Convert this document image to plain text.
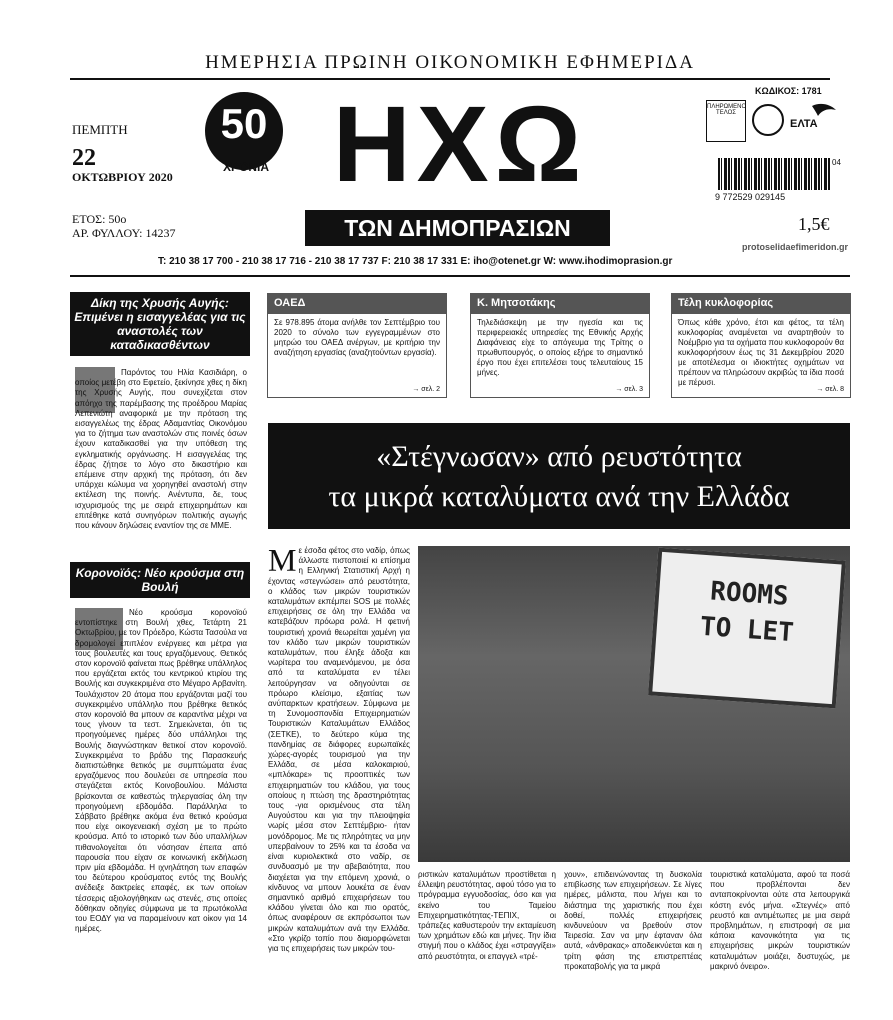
ΗΜΕΡΗΣΙΑ ΠΡΩΙΝΗ ΟΙΚΟΝΟΜΙΚΗ ΕΦΗΜΕΡΙΔΑ
ΠΕΜΠΤΗ
22
ΟΚΤΩΒΡΙΟΥ 2020
ΕΤΟΣ: 50ο
ΑΡ. ΦΥΛΛΟΥ: 14237
50
ΧΡΟΝΙΑ ΗΧΩ
ΤΩΝ ΔΗΜΟΠΡΑΣΙΩΝ
ΚΩΔΙΚΟΣ: 1781
ΠΛΗΡΩΜΕΝΟ ΤΕΛΟΣ
ΕΛΤΑ
04
9 772529 029145
1,5€
protoselidaefimeridon.gr
T: 210 38 17 700 - 210 38 17 716 - 210 38 17 737 F: 210 38 17 331 E: iho@otenet.gr W: www.ihodimoprasion.gr
Δίκη της Χρυσής Αυγής: Επιμένει η εισαγγελέας για τις αναστολές των καταδικασθέντων
Παρόντος του Ηλία Κασιδιάρη, ο οποίος μετέβη στο Εφετείο, ξεκίνησε χθες η δίκη της Χρυσής Αυγής, που συνεχίζεται στον απόηχο της παρέμβασης της προέδρου Μαρίας Λεπενιώτη αναφορικά με την πρόταση της εισαγγελέως της έδρας Αδαμαντίας Οικονόμου για το ζήτημα των αναστολών στις ποινές όσων έχουν καταδικασθεί για την υπόθεση της εγκληματικής οργάνωσης. Η εισαγγελέας της έδρας ζήτησε το λόγο στο δικαστήριο και επέμεινε στην αρχική της πρόταση, ότι δεν υπάρχει κώλυμα να χορηγηθεί αναστολή στην εκτέλεση της ποινής. Ανέντυπα, δε, τους ισχυρισμούς της με σειρά επιχειρημάτων και επιτέθηκε κατά συνηγόρων πολιτικής αγωγής που κάνουν δηλώσεις εναντίον της σε ΜΜΕ.
Κορονοϊός: Νέο κρούσμα στη Βουλή
Νέο κρούσμα κορονοϊού εντοπίστηκε στη Βουλή χθες, Τετάρτη 21 Οκτωβρίου, με τον Πρόεδρο, Κώστα Τασούλα να δρομολογεί επιπλέον ενέργειες και μέτρα για τους βουλευτές και τους εργαζόμενους. Θετικός στον κορονοϊό φαίνεται πως βρέθηκε υπάλληλος που εργάζεται εκτός του κεντρικού κτιρίου της Βουλής και συγκεκριμένα στο Μέγαρο Αρβανίτη. Τουλάχιστον 20 άτομα που εργάζονται μαζί του συγκεκριμένο υπάλληλο που βρέθηκε θετικός στον κορονοϊό θα μπουν σε καραντίνα μέχρι να τους γίνουν τα τεστ. Σημειώνεται, ότι τις προηγούμενες ημέρες δύο υπάλληλοι της Βουλής διαγνώστηκαν θετικοί στον κορονοϊό. Συγκεκριμένα το βράδυ της Παρασκευής διαπιστώθηκε θετικός με συμπτώματα ένας εργαζόμενος που δουλεύει σε υπηρεσία που στεγάζεται εκτός Κοινοβουλίου. Μάλιστα βρίσκονται σε καθεστώς τηλεργασίας όλη την προηγούμενη εβδομάδα. Παράλληλα το Σάββατο βρέθηκε ακόμα ένα θετικό κρούσμα που είχε οικογενειακή σχέση με το πρώτο κρούσμα. Από το ιστορικό των δύο υπαλλήλων πιθανολογείται ότι νόσησαν έπειτα από παρουσία που είχαν σε κοινωνική εκδήλωση πριν μία εβδομάδα. Η ιχνηλάτηση των επαφών του δεύτερου κρούσματος εντός της Βουλής ανέδειξε δακτρείες επαφές, εκ των οποίων τέσσερις αξιολογήθηκαν ως στενές, στις οποίες δόθηκαν οδηγίες σύμφωνα με τα πρωτόκολλα του ΕΟΔΥ για να παραμείνουν κατ οίκον για 14 ημέρες.
ΟΑΕΔ
Σε 978.895 άτομα ανήλθε τον Σεπτέμβριο του 2020 το σύνολο των εγγεγραμμένων στο μητρώο του ΟΑΕΔ ανέργων, με κριτήριο την αναζήτηση εργασίας (αναζητούντων εργασία).
→ σελ. 2
Κ. Μητσοτάκης
Τηλεδιάσκεψη με την ηγεσία και τις περιφερειακές υπηρεσίες της Εθνικής Αρχής Διαφάνειας είχε το απόγευμα της Τρίτης ο πρωθυπουργός, ο οποίος εξήρε το σημαντικό έργο που έχει επιτελέσει τους τελευταίους 15 μήνες.
→ σελ. 3
Τέλη κυκλοφορίας
Όπως κάθε χρόνο, έτσι και φέτος, τα τέλη κυκλοφορίας αναμένεται να αναρτηθούν το Νοέμβριο για τα οχήματα που κυκλοφορούν θα κυκλοφορήσουν έως τις 31 Δεκεμβρίου 2020 με αποτέλεσμα οι ιδιοκτήτες οχημάτων να πρέπουν να πληρώσουν ακριβώς τα ίδια ποσά με πέρυσι.
→ σελ. 8
«Στέγνωσαν» από ρευστότητα
τα μικρά καταλύματα ανά την Ελλάδα
ROOMS
TO LET
Με έσοδα φέτος στο ναδίρ, όπως άλλωστε πιστοποιεί κι επίσημα η Ελληνική Στατιστική Αρχή η έχοντας «στεγνώσει» από ρευστότητα, ο κλάδος των μικρών τουριστικών καταλυμάτων εκπέμπει SOS με πολλές επιχειρήσεις σε όλη την Ελλάδα να κατεβάζουν πρόωρα ρολά. Η φετινή τουριστική χρονιά θεωρείται χαμένη για τον κλάδο των μικρών τουριστικών καταλυμάτων, που έληξε άδοξα και νωρίτερα του αναμενόμενου, με όσα από τα καταλύματα εν τέλει λειτούργησαν να οδηγούνται σε πρόωρο κλείσιμο, εξαιτίας των ανύπαρκτων κρατήσεων. Σύμφωνα με τη Συνομοσπονδία Επιχειρηματιών Τουριστικών Καταλυμάτων Ελλάδος (ΣΕΤΚΕ), το δεύτερο κύμα της πανδημίας σε διάφορες ευρωπαϊκές χώρες-αγορές τουρισμού για την Ελλάδα, σε μέσα καλοκαιριού, «μπλόκαρε» τις προοπτικές των επιχειρηματιών του κλάδου, για τους οποίους η πτώση της δραστηριότητας τους -για ορισμένους στα τέλη Αυγούστου και για την πλειοψηφία νωρίς μέσα στον Σεπτέμβριο- ήταν μονόδρομος. Με τις πληρότητες να μην υπερβαίνουν το 25% και τα έσοδα να είναι κυριολεκτικά στο ναδίρ, σε συνδυασμό με την αβεβαιότητα, που διαχέεται για την επόμενη χρονιά, ο κίνδυνος να μπουν λουκέτα σε έναν σημαντικό αριθμό επιχειρήσεων του κλάδου γίνεται όλο και πιο ορατός, όπως αναφέρουν σε εκπρόσωποι των μικρών καταλυμάτων ανά την Ελλάδα. «Στο γκρίζο τοπίο που διαμορφώνεται για τις επιχειρήσεις των μικρών του-
ριστικών καταλυμάτων προστίθεται η έλλειψη ρευστότητας, αφού τόσο για το πρόγραμμα εγγυοδοσίας, όσο και για εκείνο του Ταμείου Επιχειρηματικότητας-ΤΕΠΙΧ, οι τράπεζες καθυστερούν την εκταμίευση των χρημάτων εδώ και μήνες. Την ίδια στιγμή που ο κλάδος έχει «στραγγίξει» από ρευστότητα, οι επαγγελ «τρέ-
χουν», επιδεινώνοντας τη δυσκολία επιβίωσης των επιχειρήσεων. Σε λίγες ημέρες, μάλιστα, που λήγει και το διάστημα της χαριστικής που έχει δοθεί, πολλές επιχειρήσεις κινδυνεύουν να βρεθούν στον Τειρεσία. Σαν να μην έφταναν όλα αυτά, «άνθρακας» αποδεικνύεται και η τρίτη φάση της επιστρεπτέας προκαταβολής για τα μικρά
τουριστικά καταλύματα, αφού τα ποσά που προβλέπονται δεν ανταποκρίνονται ούτε στα λειτουργικά κόστη ενός μήνα. «Στεγνές» από ρευστό και αντιμέτωπες με μια σειρά προβλημάτων, η επιστροφή σε μια κάποια κανονικότητα για τις επιχειρήσεις μικρών τουριστικών καταλυμάτων μοιάζει, δυστυχώς, με μακρινό όνειρο».
